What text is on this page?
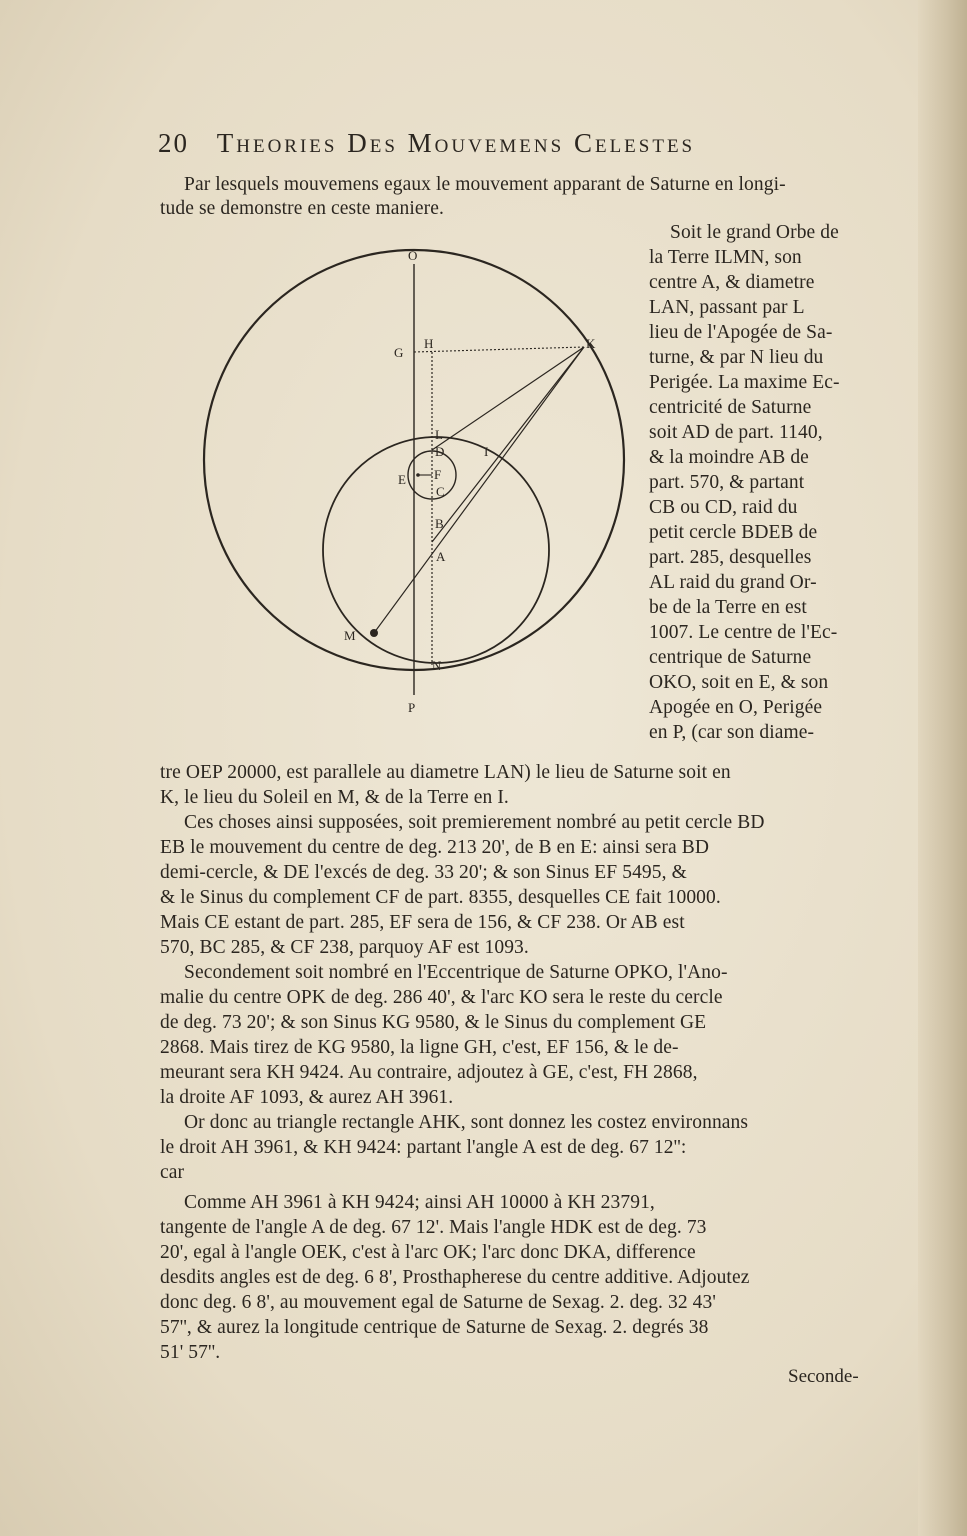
20 Theories Des Mouvemens Celestes
Par lesquels mouvemens egaux le mouvement apparant de Saturne en longi-
tude se demonstre en ceste maniere.
Soit le grand Orbe de
la Terre ILMN, son
centre A, & diametre
LAN, passant par L
lieu de l'Apogée de Sa-
turne, & par N lieu du
Perigée. La maxime Ec-
centricité de Saturne
soit AD de part. 1140,
& la moindre AB de
part. 570, & partant
CB ou CD, raid du
petit cercle BDEB de
part. 285, desquelles
AL raid du grand Or-
be de la Terre en est
1007. Le centre de l'Ec-
centrique de Saturne
OKO, soit en E, & son
Apogée en O, Perigée
en P, (car son diame-
O
P
G
H	K
L
D
E F
C
B
A
I
M
N
tre OEP 20000, est parallele au diametre LAN) le lieu de Saturne soit en
K, le lieu du Soleil en M, & de la Terre en I.
Ces choses ainsi supposées, soit premierement nombré au petit cercle BD
EB le mouvement du centre de deg. 213 20', de B en E: ainsi sera BD
demi-cercle, & DE l'excés de deg. 33 20'; & son Sinus EF 5495, &
& le Sinus du complement CF de part. 8355, desquelles CE fait 10000.
Mais CE estant de part. 285, EF sera de 156, & CF 238. Or AB est
570, BC 285, & CF 238, parquoy AF est 1093.
Secondement soit nombré en l'Eccentrique de Saturne OPKO, l'Ano-
malie du centre OPK de deg. 286 40', & l'arc KO sera le reste du cercle
de deg. 73 20'; & son Sinus KG 9580, & le Sinus du complement GE
2868. Mais tirez de KG 9580, la ligne GH, c'est, EF 156, & le de-
meurant sera KH 9424. Au contraire, adjoutez à GE, c'est, FH 2868,
la droite AF 1093, & aurez AH 3961.
Or donc au triangle rectangle AHK, sont donnez les costez environnans
le droit AH 3961, & KH 9424: partant l'angle A est de deg. 67 12'':
car
Comme AH 3961 à KH 9424; ainsi AH 10000 à KH 23791,
tangente de l'angle A de deg. 67 12'. Mais l'angle HDK est de deg. 73
20', egal à l'angle OEK, c'est à l'arc OK; l'arc donc DKA, difference
desdits angles est de deg. 6 8', Prosthapherese du centre additive. Adjoutez
donc deg. 6 8', au mouvement egal de Saturne de Sexag. 2. deg. 32 43'
57'', & aurez la longitude centrique de Saturne de Sexag. 2. degrés 38
51' 57''.
Seconde-
